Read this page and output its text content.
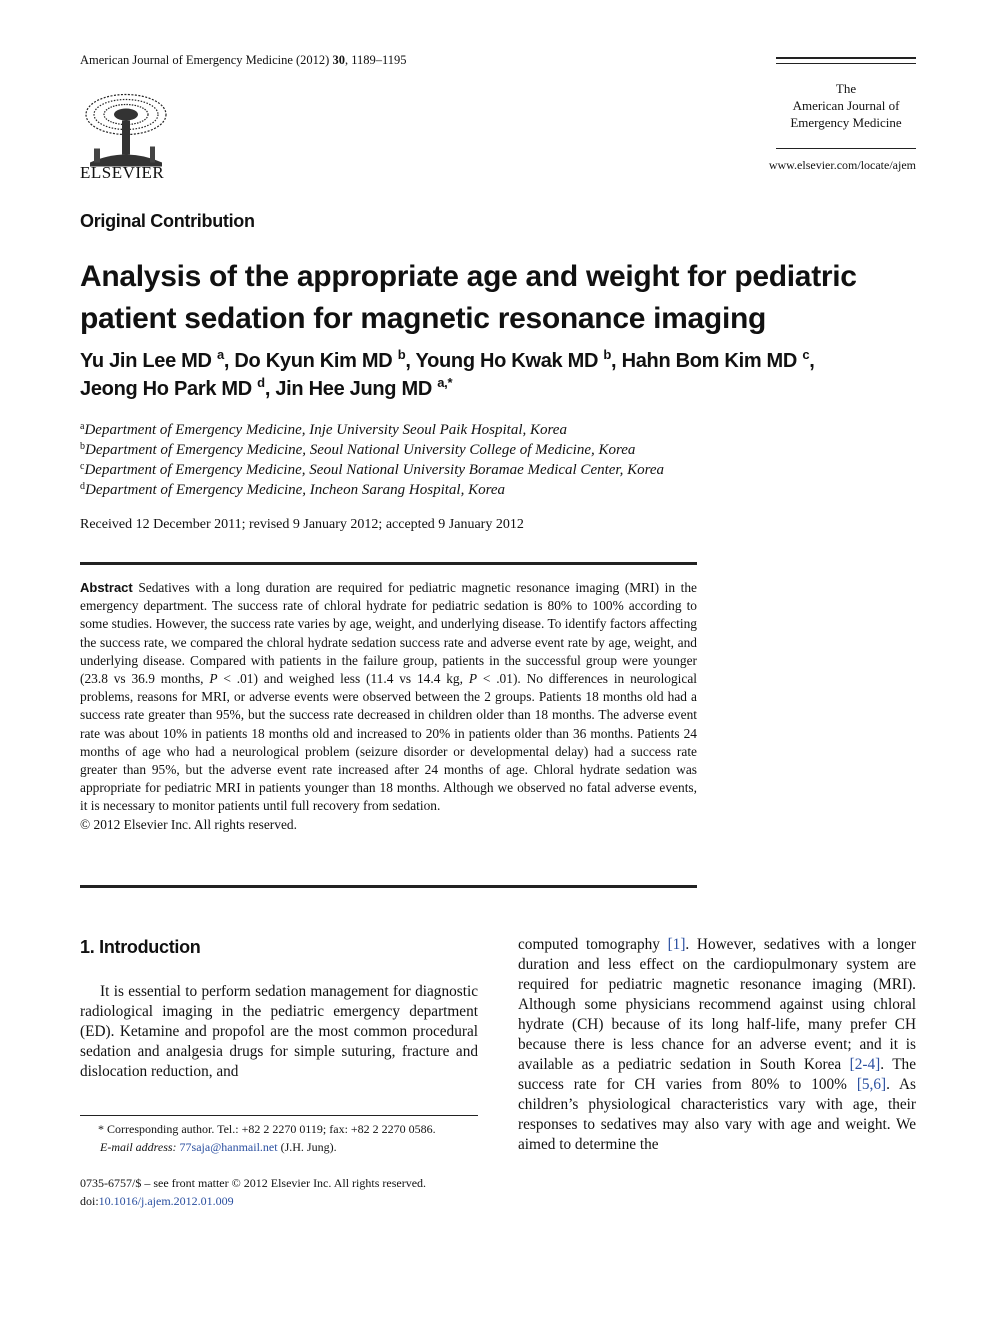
American Journal of Emergency Medicine (2012) 30, 1189–1195
ELSEVIER
The
American Journal of
Emergency Medicine
www.elsevier.com/locate/ajem
Original Contribution
Analysis of the appropriate age and weight for pediatric patient sedation for magnetic resonance imaging
Yu Jin Lee MD $^a$, Do Kyun Kim MD $^b$, Young Ho Kwak MD $^b$, Hahn Bom Kim MD $^c$,
Jeong Ho Park MD $^d$, Jin Hee Jung MD $^{a,*}$
$^a$Department of Emergency Medicine, Inje University Seoul Paik Hospital, Korea
$^b$Department of Emergency Medicine, Seoul National University College of Medicine, Korea
$^c$Department of Emergency Medicine, Seoul National University Boramae Medical Center, Korea
$^d$Department of Emergency Medicine, Incheon Sarang Hospital, Korea
Received 12 December 2011; revised 9 January 2012; accepted 9 January 2012
Abstract Sedatives with a long duration are required for pediatric magnetic resonance imaging (MRI) in the emergency department. The success rate of chloral hydrate for pediatric sedation is 80% to 100% according to some studies. However, the success rate varies by age, weight, and underlying disease. To identify factors affecting the success rate, we compared the chloral hydrate sedation success rate and adverse event rate by age, weight, and underlying disease. Compared with patients in the failure group, patients in the successful group were younger (23.8 vs 36.9 months, P < .01) and weighed less (11.4 vs 14.4 kg, P < .01). No differences in neurological problems, reasons for MRI, or adverse events were observed between the 2 groups. Patients 18 months old had a success rate greater than 95%, but the success rate decreased in children older than 18 months. The adverse event rate was about 10% in patients 18 months old and increased to 20% in patients older than 36 months. Patients 24 months of age who had a neurological problem (seizure disorder or developmental delay) had a success rate greater than 95%, but the adverse event rate increased after 24 months of age. Chloral hydrate sedation was appropriate for pediatric MRI in patients younger than 18 months. Although we observed no fatal adverse events, it is necessary to monitor patients until full recovery from sedation.
© 2012 Elsevier Inc. All rights reserved.
1. Introduction
It is essential to perform sedation management for diagnostic radiological imaging in the pediatric emergency department (ED). Ketamine and propofol are the most common procedural sedation and analgesia drugs for simple suturing, fracture and dislocation reduction, and
computed tomography [1]. However, sedatives with a longer duration and less effect on the cardiopulmonary system are required for pediatric magnetic resonance imaging (MRI). Although some physicians recommend against using chloral hydrate (CH) because of its long half-life, many prefer CH because there is less chance for an adverse event; and it is available as a pediatric sedation in South Korea [2-4]. The success rate for CH varies from 80% to 100% [5,6]. As children’s physiological characteristics vary with age, their responses to sedatives may also vary with age and weight. We aimed to determine the
* Corresponding author. Tel.: +82 2 2270 0119; fax: +82 2 2270 0586.
E-mail address: 77saja@hanmail.net (J.H. Jung).
0735-6757/$ – see front matter © 2012 Elsevier Inc. All rights reserved.
doi:10.1016/j.ajem.2012.01.009
